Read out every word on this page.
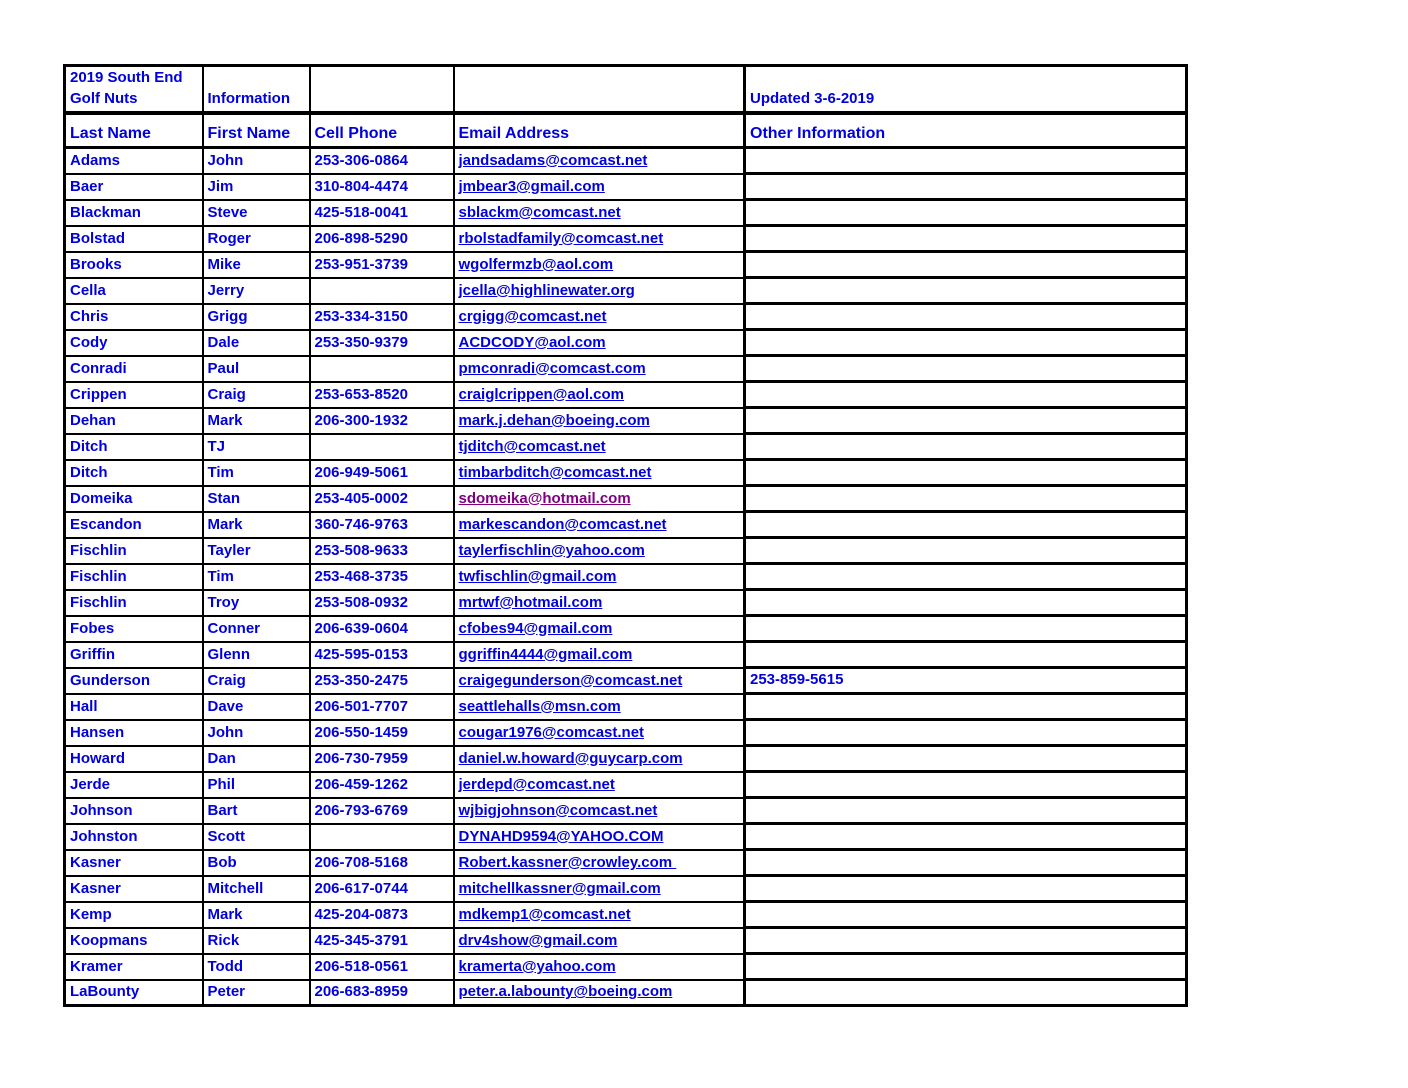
2019 South End Golf Nuts	Information			Updated 3-6-2019
Last Name	First Name	Cell Phone	Email Address	Other Information
Adams	John	253-306-0864	jandsadams@comcast.net	
Baer	Jim	310-804-4474	jmbear3@gmail.com	
Blackman	Steve	425-518-0041	sblackm@comcast.net	
Bolstad	Roger	206-898-5290	rbolstadfamily@comcast.net	
Brooks	Mike	253-951-3739	wgolfermzb@aol.com	
Cella	Jerry		jcella@highlinewater.org	
Chris	Grigg	253-334-3150	crgigg@comcast.net	
Cody	Dale	253-350-9379	ACDCODY@aol.com	
Conradi	Paul		pmconradi@comcast.com	
Crippen	Craig	253-653-8520	craiglcrippen@aol.com	
Dehan	Mark	206-300-1932	mark.j.dehan@boeing.com	
Ditch	TJ		tjditch@comcast.net	
Ditch	Tim	206-949-5061	timbarbditch@comcast.net	
Domeika	Stan	253-405-0002	sdomeika@hotmail.com	
Escandon	Mark	360-746-9763	markescandon@comcast.net	
Fischlin	Tayler	253-508-9633	taylerfischlin@yahoo.com	
Fischlin	Tim	253-468-3735	twfischlin@gmail.com	
Fischlin	Troy	253-508-0932	mrtwf@hotmail.com	
Fobes	Conner	206-639-0604	cfobes94@gmail.com	
Griffin	Glenn	425-595-0153	ggriffin4444@gmail.com	
Gunderson	Craig	253-350-2475	craigegunderson@comcast.net	253-859-5615
Hall	Dave	206-501-7707	seattlehalls@msn.com	
Hansen	John	206-550-1459	cougar1976@comcast.net	
Howard	Dan	206-730-7959	daniel.w.howard@guycarp.com	
Jerde	Phil	206-459-1262	jerdepd@comcast.net	
Johnson	Bart	206-793-6769	wjbigjohnson@comcast.net	
Johnston	Scott		DYNAHD9594@YAHOO.COM	
Kasner	Bob	206-708-5168	Robert.kassner@crowley.com	
Kasner	Mitchell	206-617-0744	mitchellkassner@gmail.com	
Kemp	Mark	425-204-0873	mdkemp1@comcast.net	
Koopmans	Rick	425-345-3791	drv4show@gmail.com	
Kramer	Todd	206-518-0561	kramerta@yahoo.com	
LaBounty	Peter	206-683-8959	peter.a.labounty@boeing.com	
